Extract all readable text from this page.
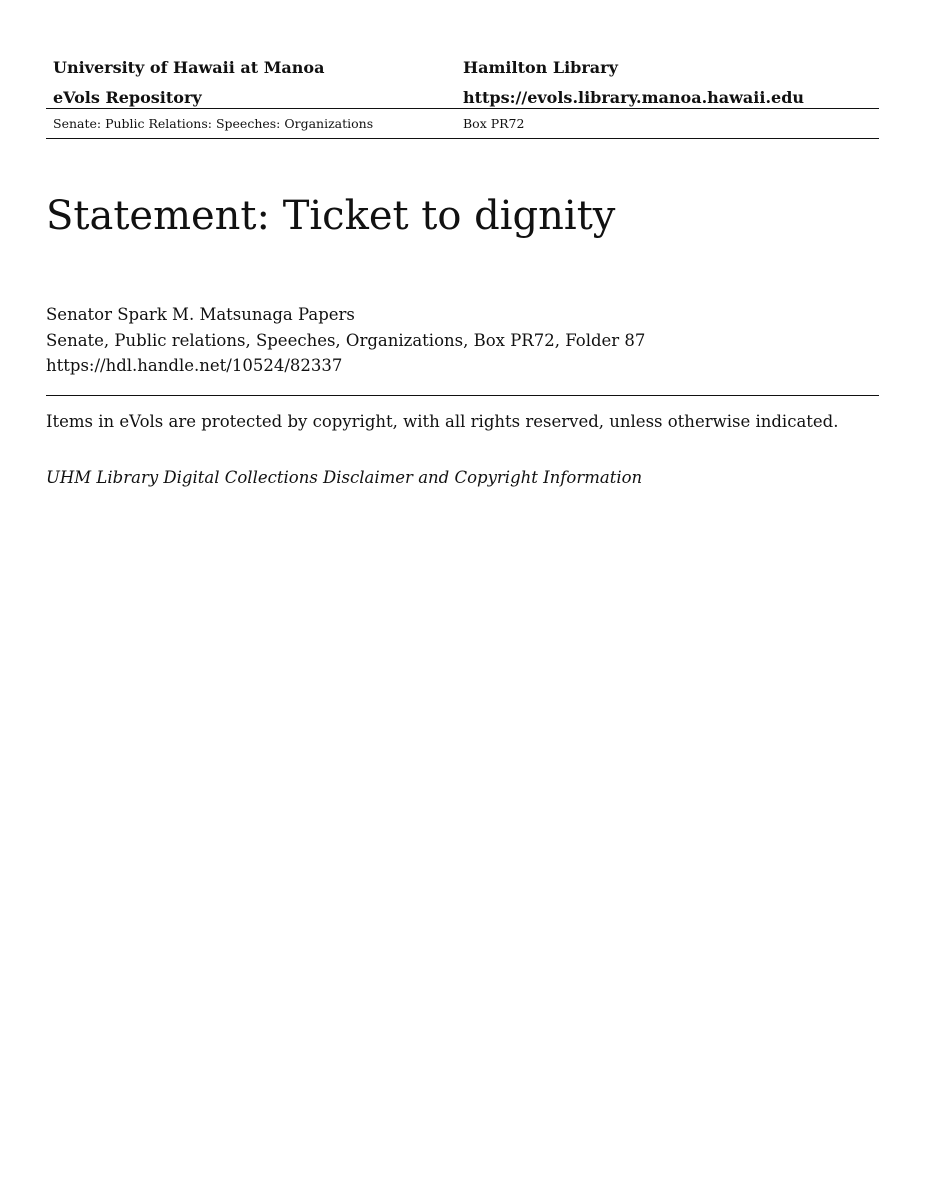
University of Hawaii at Manoa	Hamilton Library
eVols Repository	https://evols.library.manoa.hawaii.edu
Senate: Public Relations: Speeches: Organizations	Box PR72
Statement: Ticket to dignity
Senator Spark M. Matsunaga Papers
Senate, Public relations, Speeches, Organizations, Box PR72, Folder 87
https://hdl.handle.net/10524/82337
Items in eVols are protected by copyright, with all rights reserved, unless otherwise indicated.
UHM Library Digital Collections Disclaimer and Copyright Information
